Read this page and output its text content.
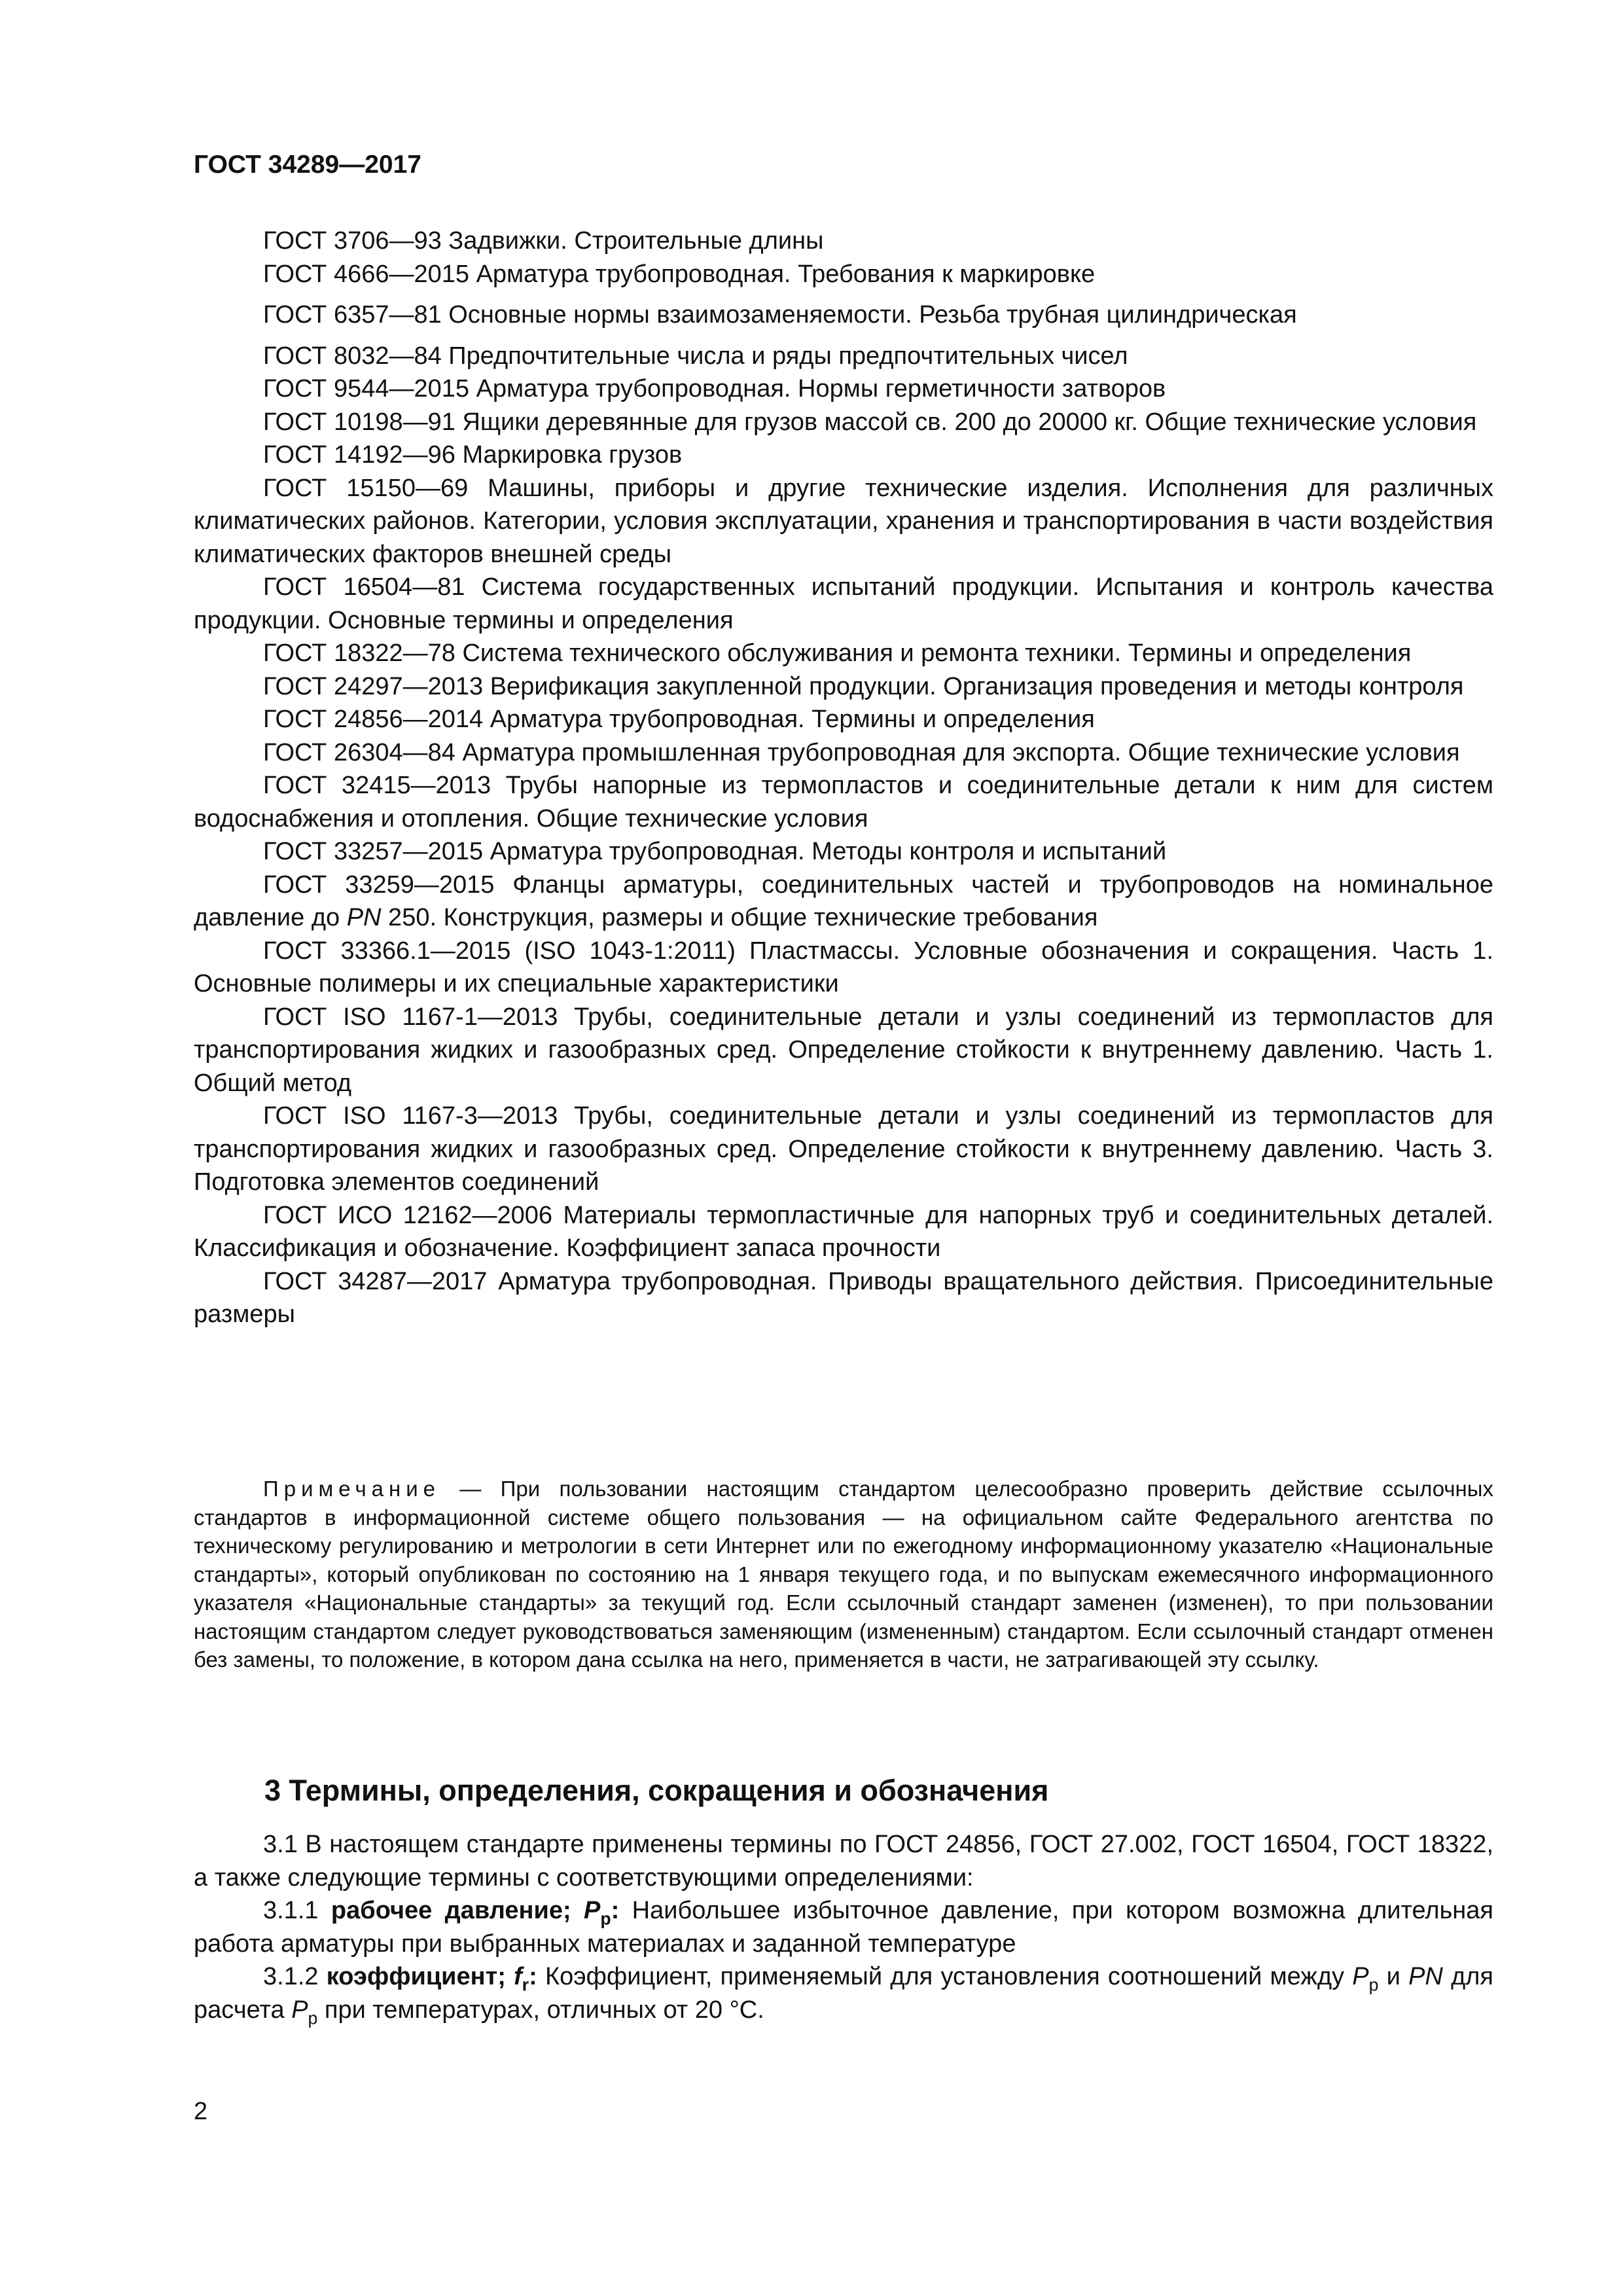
ГОСТ 34289—2017

ГОСТ 3706—93 Задвижки. Строительные длины

ГОСТ 4666—2015 Арматура трубопроводная. Требования к маркировке

ГОСТ 6357—81 Основные нормы взаимозаменяемости. Резьба трубная цилиндрическая

ГОСТ 8032—84 Предпочтительные числа и ряды предпочтительных чисел

ГОСТ 9544—2015 Арматура трубопроводная. Нормы герметичности затворов

ГОСТ 10198—91 Ящики деревянные для грузов массой св. 200 до 20000 кг. Общие технические условия

ГОСТ 14192—96 Маркировка грузов

ГОСТ 15150—69 Машины, приборы и другие технические изделия. Исполнения для различных климатических районов. Категории, условия эксплуатации, хранения и транспортирования в части воздействия климатических факторов внешней среды

ГОСТ 16504—81 Система государственных испытаний продукции. Испытания и контроль качества продукции. Основные термины и определения

ГОСТ 18322—78 Система технического обслуживания и ремонта техники. Термины и определения

ГОСТ 24297—2013 Верификация закупленной продукции. Организация проведения и методы контроля

ГОСТ 24856—2014 Арматура трубопроводная. Термины и определения

ГОСТ 26304—84 Арматура промышленная трубопроводная для экспорта. Общие технические условия

ГОСТ 32415—2013 Трубы напорные из термопластов и соединительные детали к ним для систем водоснабжения и отопления. Общие технические условия

ГОСТ 33257—2015 Арматура трубопроводная. Методы контроля и испытаний

ГОСТ 33259—2015 Фланцы арматуры, соединительных частей и трубопроводов на номинальное давление до PN 250. Конструкция, размеры и общие технические требования

ГОСТ 33366.1—2015 (ISO 1043-1:2011) Пластмассы. Условные обозначения и сокращения. Часть 1. Основные полимеры и их специальные характеристики

ГОСТ ISO 1167-1—2013 Трубы, соединительные детали и узлы соединений из термопластов для транспортирования жидких и газообразных сред. Определение стойкости к внутреннему давлению. Часть 1. Общий метод

ГОСТ ISO 1167-3—2013 Трубы, соединительные детали и узлы соединений из термопластов для транспортирования жидких и газообразных сред. Определение стойкости к внутреннему давлению. Часть 3. Подготовка элементов соединений

ГОСТ ИСО 12162—2006 Материалы термопластичные для напорных труб и соединительных деталей. Классификация и обозначение. Коэффициент запаса прочности

ГОСТ 34287—2017 Арматура трубопроводная. Приводы вращательного действия. Присоединительные размеры

Примечание — При пользовании настоящим стандартом целесообразно проверить действие ссылочных стандартов в информационной системе общего пользования — на официальном сайте Федерального агентства по техническому регулированию и метрологии в сети Интернет или по ежегодному информационному указателю «Национальные стандарты», который опубликован по состоянию на 1 января текущего года, и по выпускам ежемесячного информационного указателя «Национальные стандарты» за текущий год. Если ссылочный стандарт заменен (изменен), то при пользовании настоящим стандартом следует руководствоваться заменяющим (измененным) стандартом. Если ссылочный стандарт отменен без замены, то положение, в котором дана ссылка на него, применяется в части, не затрагивающей эту ссылку.

3 Термины, определения, сокращения и обозначения

3.1 В настоящем стандарте применены термины по ГОСТ 24856, ГОСТ 27.002, ГОСТ 16504, ГОСТ 18322, а также следующие термины с соответствующими определениями:

3.1.1 рабочее давление; $P_р$: Наибольшее избыточное давление, при котором возможна длительная работа арматуры при выбранных материалах и заданной температуре

3.1.2 коэффициент; $f_r$: Коэффициент, применяемый для установления соотношений между $P_р$ и PN для расчета $P_р$ при температурах, отличных от 20 °С.

2
